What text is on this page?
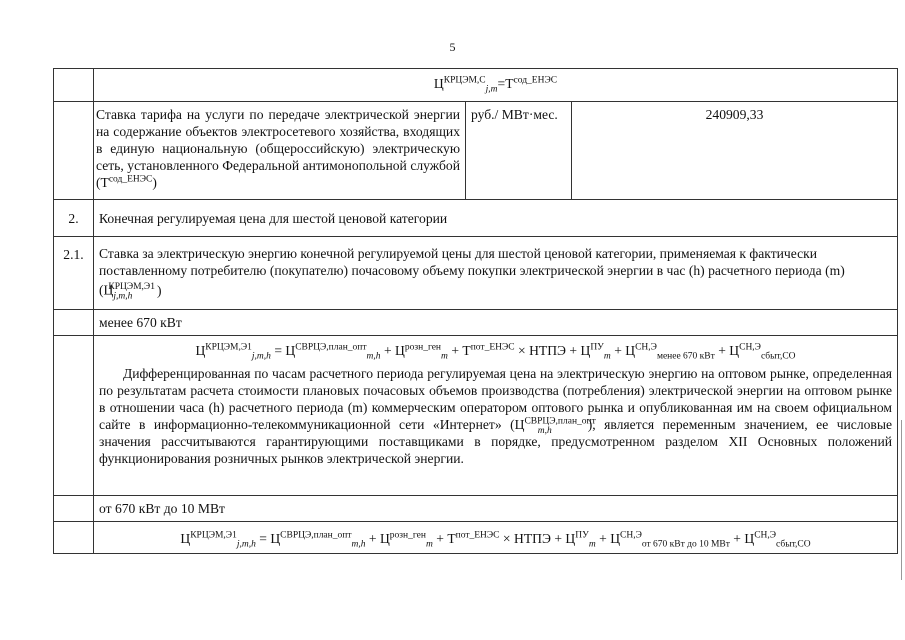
5
	$Ц^{КРЦЭМ,С}_{j,m}=Т^{сод\_ЕНЭС}$
	Ставка тарифа на услуги по передаче электрической энергии на содержание объектов электросетевого хозяйства, входящих в единую национальную (общероссийскую) электрическую сеть, установленного Федеральной антимонопольной службой $(Т^{сод\_ЕНЭС})$	руб./ МВт·мес.	240909,33
2.	Конечная регулируемая цена для шестой ценовой категории		
2.1.	Ставка за электрическую энергию конечной регулируемой цены для шестой ценовой категории, применяемая к фактически поставленному потребителю (покупателю) почасовому объему покупки электрической энергии в час (h) расчетного периода (m) ($Ц_{j,m,h}^{КРЦЭМ,Э1}$ )		
	менее 670 кВт		

	$Ц^{КРЦЭМ,Э1}_{j,m,h} = Ц^{СВРЦЭ,план\_опт}_{m,h} + Ц^{розн\_ген}_m + Т^{пот\_ЕНЭС}$ × НТПЭ + $Ц^{ПУ}_m + Ц^{СН,Э}_{менее 670 кВт} + Ц^{СН,Э}_{сбыт,СО}$
Дифференцированная по часам расчетного периода регулируемая цена на электрическую энергию на оптовом рынке, определенная по результатам расчета стоимости плановых почасовых объемов производства (потребления) электрической энергии на оптовом рынке в отношении часа (h) расчетного периода (m) коммерческим оператором оптового рынка и опубликованная им на своем официальном сайте в информационно-телекоммуникационной сети «Интернет» ($Ц^{СВРЦЭ,план\_опт}_{m,h}$ ), является переменным значением, ее числовые значения рассчитываются гарантирующими поставщиками в порядке, предусмотренном разделом XII Основных положений функционирования розничных рынков электрической энергии.		

	от 670 кВт до 10 МВт		
	$Ц^{КРЦЭМ,Э1}_{j,m,h} = Ц^{СВРЦЭ,план\_опт}_{m,h} + Ц^{розн\_ген}_m + Т^{пот\_ЕНЭС}$ × НТПЭ + $Ц^{ПУ}_m + Ц^{СН,Э}_{от 670 кВт до 10 МВт} + Ц^{СН,Э}_{сбыт,СО}$
